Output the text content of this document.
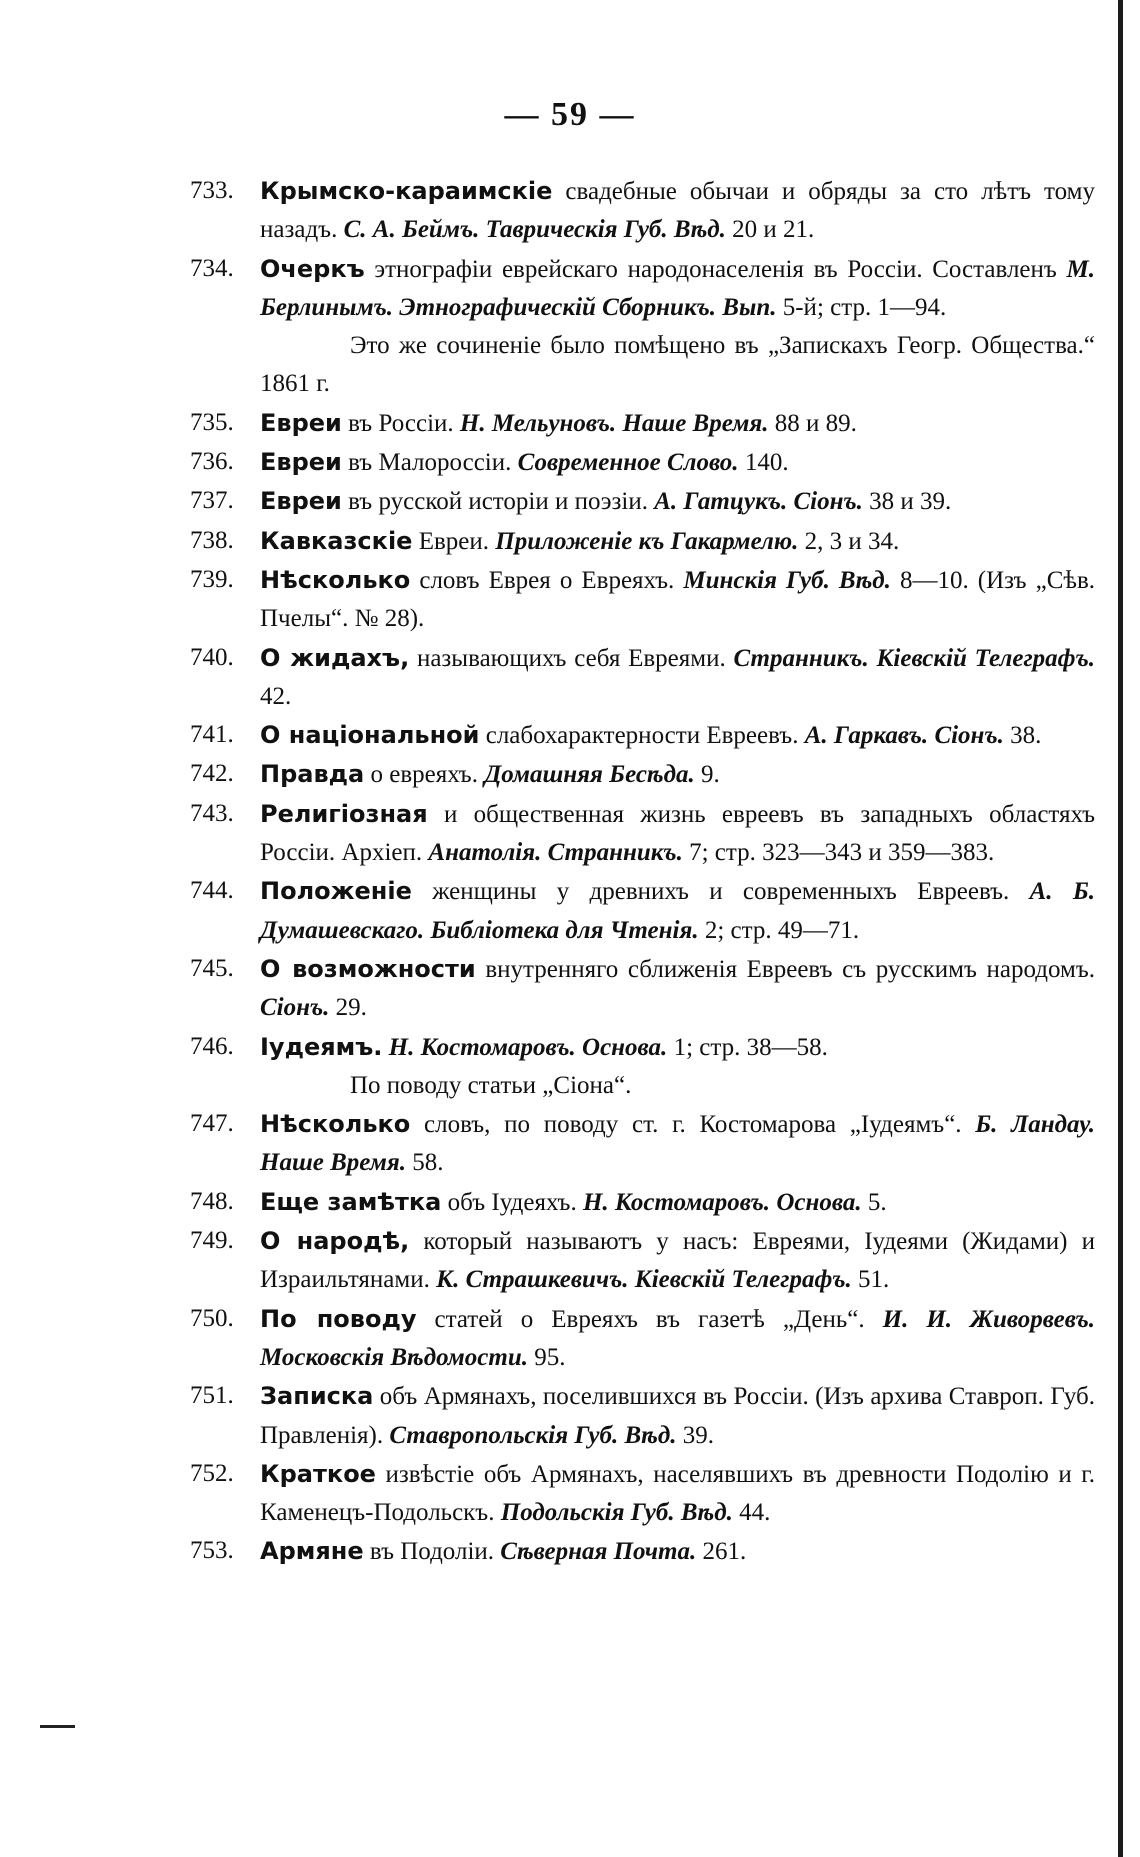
— 59 —
733.	Крымско-караимскіе свадебные обычаи и обряды за сто лѣтъ тому назадъ. С. А. Беймъ. Таврическія Губ. Вѣд. 20 и 21.
734.	Очеркъ этнографіи еврейскаго народонаселенія въ Россіи. Составленъ М. Берлинымъ. Этнографическій Сборникъ. Вып. 5-й; стр. 1—94.
Это же сочиненіе было помѣщено въ „Запискахъ Геогр. Общества.“ 1861 г.
735.	Евреи въ Россіи. Н. Мельуновъ. Наше Время. 88 и 89.
736.	Евреи въ Малороссіи. Современное Слово. 140.
737.	Евреи въ русской исторіи и поэзіи. А. Гатцукъ. Сіонъ. 38 и 39.
738.	Кавказскіе Евреи. Приложеніе къ Гакармелю. 2, 3 и 34.
739.	Нѣсколько словъ Еврея о Евреяхъ. Минскія Губ. Вѣд. 8—10. (Изъ „Сѣв. Пчелы“. № 28).
740.	О жидахъ, называющихъ себя Евреями. Странникъ. Кіевскій Телеграфъ. 42.
741.	О національной слабохарактерности Евреевъ. А. Гаркавъ. Сіонъ. 38.
742.	Правда о евреяхъ. Домашняя Бесѣда. 9.
743.	Религіозная и общественная жизнь евреевъ въ западныхъ областяхъ Россіи. Архіеп. Анатолія. Странникъ. 7; стр. 323—343 и 359—383.
744.	Положеніе женщины у древнихъ и современныхъ Евреевъ. А. Б. Думашевскаго. Библіотека для Чтенія. 2; стр. 49—71.
745.	О возможности внутренняго сближенія Евреевъ съ русскимъ народомъ. Сіонъ. 29.
746.	Іудеямъ. Н. Костомаровъ. Основа. 1; стр. 38—58.
По поводу статьи „Сіона“.
747.	Нѣсколько словъ, по поводу ст. г. Костомарова „Іудеямъ“. Б. Ландау. Наше Время. 58.
748.	Еще замѣтка объ Іудеяхъ. Н. Костомаровъ. Основа. 5.
749.	О народѣ, который называютъ у насъ: Евреями, Іудеями (Жидами) и Израильтянами. К. Страшкевичъ. Кіевскій Телеграфъ. 51.
750.	По поводу статей о Евреяхъ въ газетѣ „День“. И. И. Живорвевъ. Московскія Вѣдомости. 95.
751.	Записка объ Армянахъ, поселившихся въ Россіи. (Изъ архива Ставроп. Губ. Правленія). Ставропольскія Губ. Вѣд. 39.
752.	Краткое извѣстіе объ Армянахъ, населявшихъ въ древности Подолію и г. Каменецъ-Подольскъ. Подольскія Губ. Вѣд. 44.
753.	Армяне въ Подоліи. Сѣверная Почта. 261.
